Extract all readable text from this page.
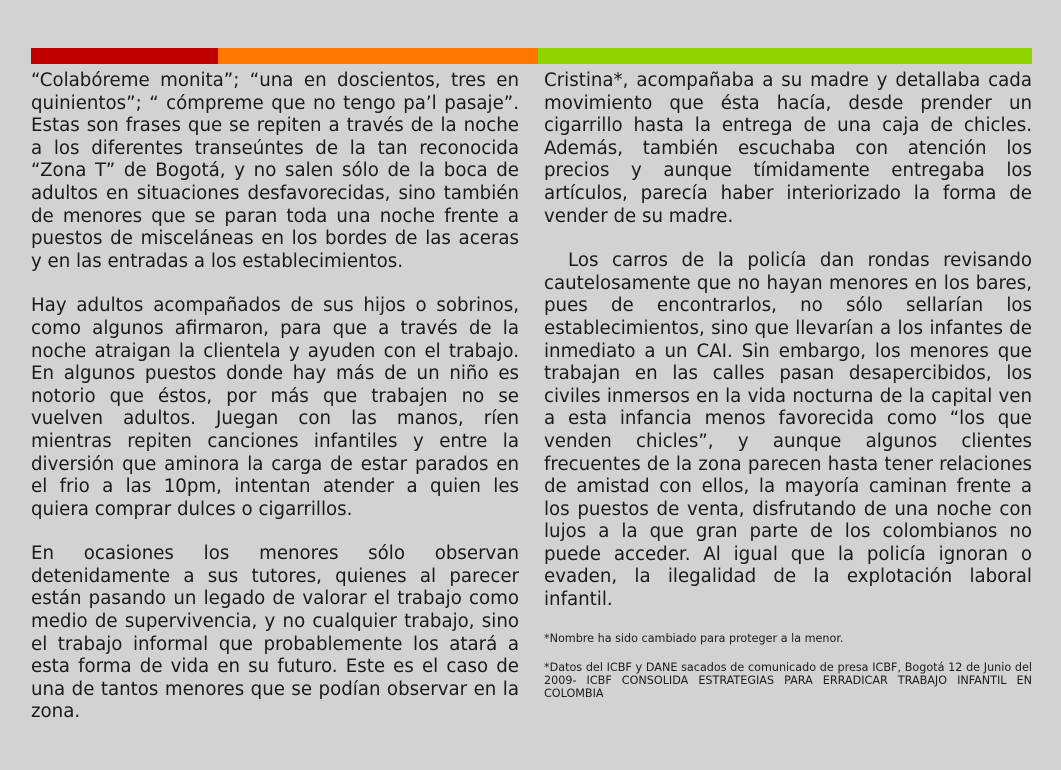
“Colabóreme monita”; “una en doscientos, tres en quinientos”; “ cómpreme que no tengo pa’l pasaje”. Estas son frases que se repiten a través de la noche a los diferentes transeúntes de la tan reconocida “Zona T” de Bogotá, y no salen sólo de la boca de adultos en situaciones desfavorecidas, sino también de menores que se paran toda una noche frente a puestos de misceláneas en los bordes de las aceras y en las entradas a los establecimientos.

Hay adultos acompañados de sus hijos o sobrinos, como algunos afirmaron, para que a través de la noche atraigan la clientela y ayuden con el trabajo. En algunos puestos donde hay más de un niño es notorio que éstos, por más que trabajen no se vuelven adultos. Juegan con las manos, ríen mientras repiten canciones infantiles y entre la diversión que aminora la carga de estar parados en el frio a las 10pm, intentan atender a quien les quiera comprar dulces o cigarrillos.

En ocasiones los menores sólo observan detenidamente a sus tutores, quienes al parecer están pasando un legado de valorar el trabajo como medio de supervivencia, y no cualquier trabajo, sino el trabajo informal que probablemente los atará a esta forma de vida en su futuro. Este es el caso de una de tantos menores que se podían observar en la zona.

Cristina*, acompañaba a su madre y detallaba cada movimiento que ésta hacía, desde prender un cigarrillo hasta la entrega de una caja de chicles. Además, también escuchaba con atención los precios y aunque tímidamente entregaba los artículos, parecía haber interiorizado la forma de vender de su madre.

Los carros de la policía dan rondas revisando cautelosamente que no hayan menores en los bares, pues de encontrarlos, no sólo sellarían los establecimientos, sino que llevarían a los infantes de inmediato a un CAI. Sin embargo, los menores que trabajan en las calles pasan desapercibidos, los civiles inmersos en la vida nocturna de la capital ven a esta infancia menos favorecida como “los que venden chicles”, y aunque algunos clientes frecuentes de la zona parecen hasta tener relaciones de amistad con ellos, la mayoría caminan frente a los puestos de venta, disfrutando de una noche con lujos a la que gran parte de los colombianos no puede acceder. Al igual que la policía ignoran o evaden, la ilegalidad de la explotación laboral infantil.

*Nombre ha sido cambiado para proteger a la menor.

*Datos del ICBF y DANE sacados de comunicado de presa ICBF, Bogotá 12 de Junio del 2009- ICBF CONSOLIDA ESTRATEGIAS PARA ERRADICAR TRABAJO INFANTIL EN COLOMBIA
